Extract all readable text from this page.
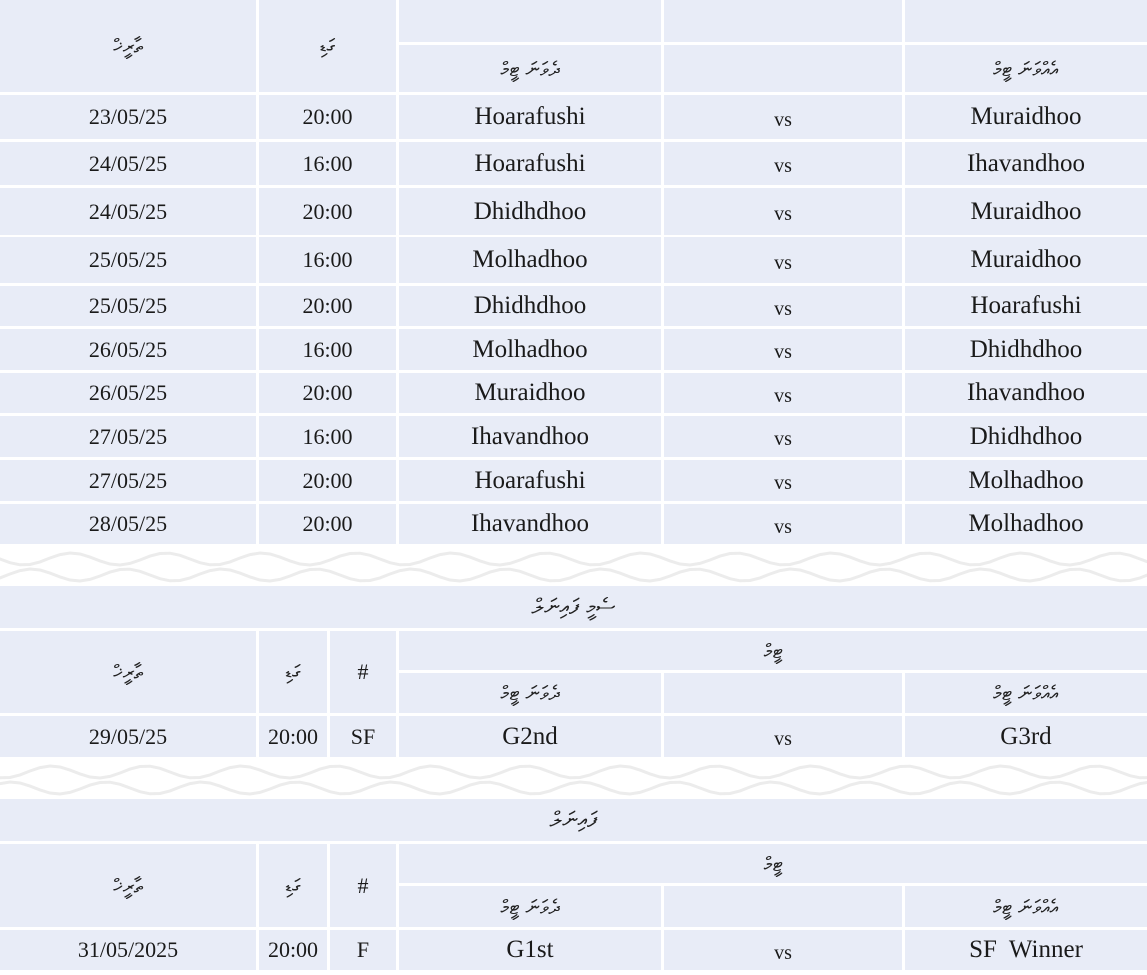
ތާރީޚް	ގަޑި
ދެވަނަ ޓީމް	އެއްވަނަ ޓީމް
23/05/25	20:00	Hoarafushi	vs	Muraidhoo
24/05/25	16:00	Hoarafushi	vs	Ihavandhoo
24/05/25	20:00	Dhidhdhoo	vs	Muraidhoo
25/05/25	16:00	Molhadhoo	vs	Muraidhoo
25/05/25	20:00	Dhidhdhoo	vs	Hoarafushi
26/05/25	16:00	Molhadhoo	vs	Dhidhdhoo
26/05/25	20:00	Muraidhoo	vs	Ihavandhoo
27/05/25	16:00	Ihavandhoo	vs	Dhidhdhoo
27/05/25	20:00	Hoarafushi	vs	Molhadhoo
28/05/25	20:00	Ihavandhoo	vs	Molhadhoo
ސެމީ ފައިނަލް
ތާރީޚް	ގަޑި	#
ޓީމް
ދެވަނަ ޓީމް	އެއްވަނަ ޓީމް
29/05/25	20:00	SF	G2nd	vs	G3rd
ފައިނަލް
ތާރީޚް	ގަޑި	#
ޓީމް
ދެވަނަ ޓީމް	އެއްވަނަ ޓީމް
31/05/2025	20:00	F	G1st	vs	SF  Winner
